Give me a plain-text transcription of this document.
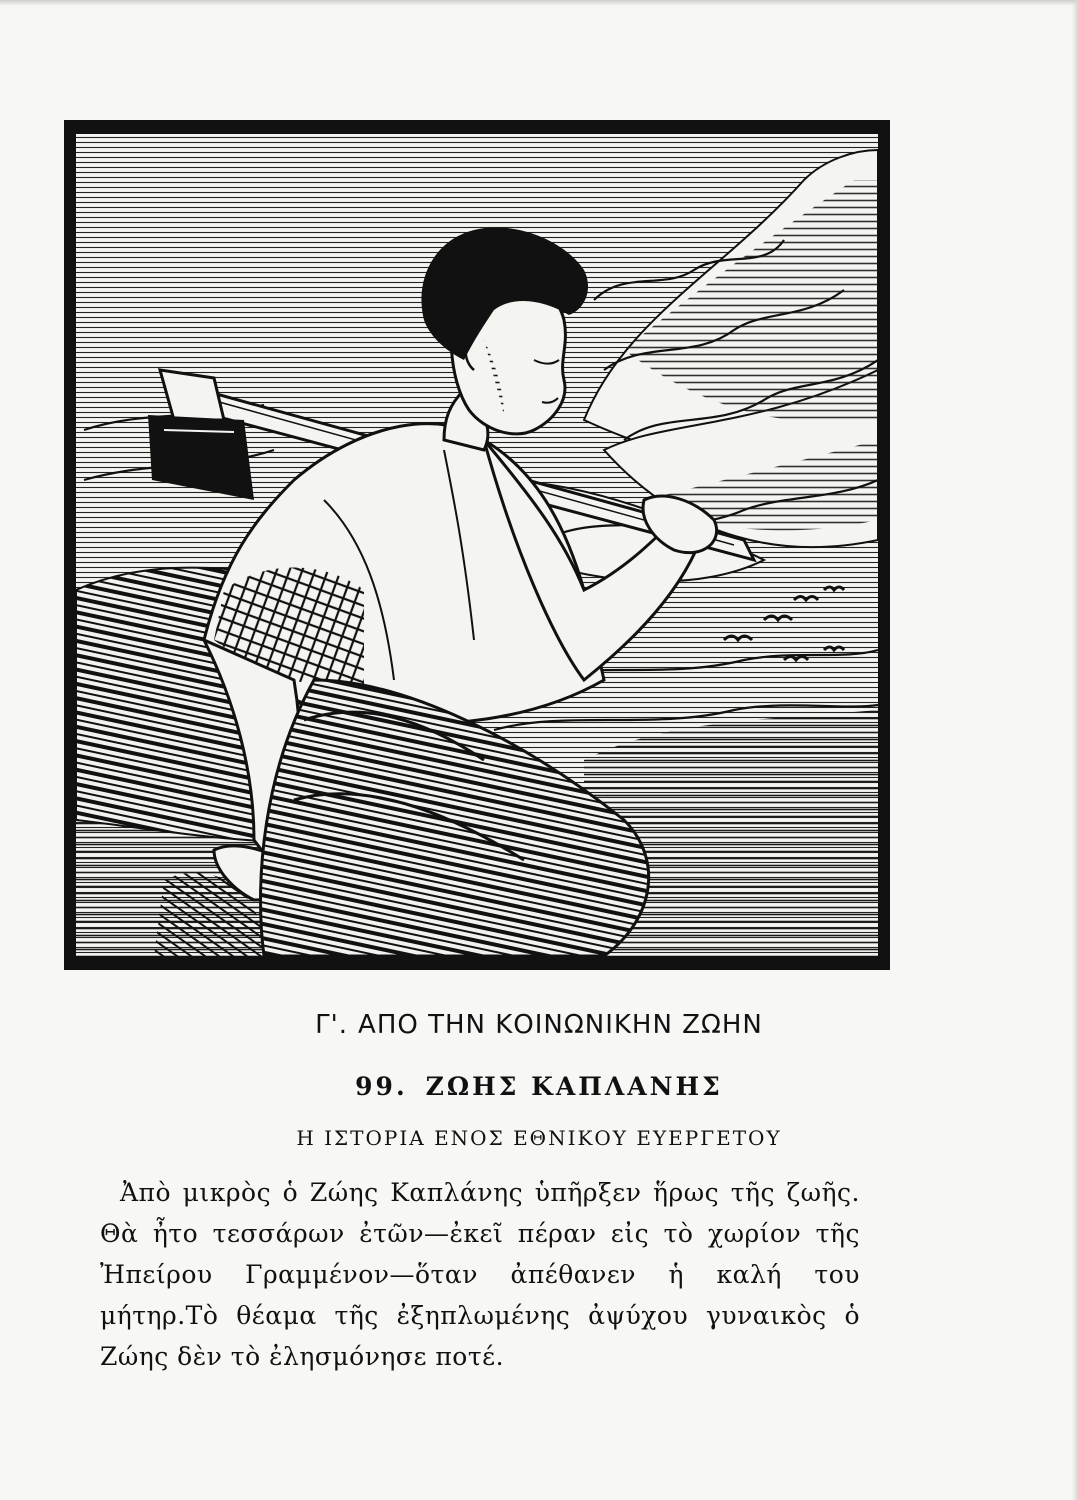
Γ'. ΑΠΟ ΤΗΝ ΚΟΙΝΩΝΙΚΗΝ ΖΩΗΝ
99. ΖΩΗΣ ΚΑΠΛΑΝΗΣ
Η ΙΣΤΟΡΙΑ ΕΝΟΣ ΕΘΝΙΚΟΥ ΕΥΕΡΓΕΤΟΥ

Ἀπὸ μικρὸς ὁ Ζώης Καπλάνης ὑπῆρξεν ἥρως τῆς ζωῆς. Θὰ ἦτο τεσσάρων ἐτῶν—ἐκεῖ πέραν εἰς τὸ χωρίον τῆς Ἠπείρου Γραμμένον—ὅταν ἀπέθανεν ἡ καλή του μήτηρ.Τὸ θέαμα τῆς ἐξηπλωμένης ἀψύχου γυναικὸς ὁ Ζώης δὲν τὸ ἐλησμόνησε ποτέ.
